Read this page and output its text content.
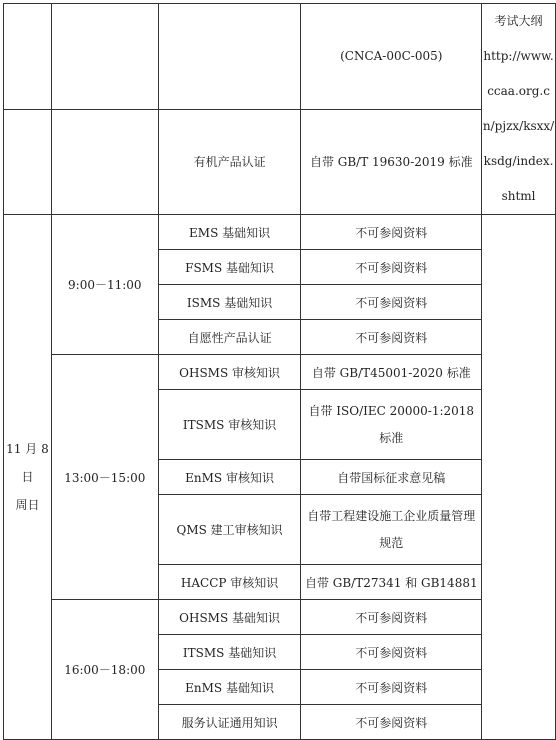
			(CNCA-00C-005)	考试大纲
http://www.ccaa.org.cn/pjzx/ksxx/ksdg/index.shtml

		有机产品认证	自带 GB/T 19630-2019 标准	

11 月 8
日
周日	9:00－11:00	EMS 基础知识	不可参阅资料	
		FSMS 基础知识	不可参阅资料	
		ISMS 基础知识	不可参阅资料	
		自愿性产品认证	不可参阅资料	
	13:00－15:00	OHSMS 审核知识	自带 GB/T45001-2020 标准	
		ITSMS 审核知识	自带 ISO/IEC 20000-1:2018 标准	
		EnMS 审核知识	自带国标征求意见稿	
		QMS 建工审核知识	自带工程建设施工企业质量管理规范	
		HACCP 审核知识	自带 GB/T27341 和 GB14881	
	16:00－18:00	OHSMS 基础知识	不可参阅资料	
		ITSMS 基础知识	不可参阅资料	
		EnMS 基础知识	不可参阅资料	
		服务认证通用知识	不可参阅资料	
